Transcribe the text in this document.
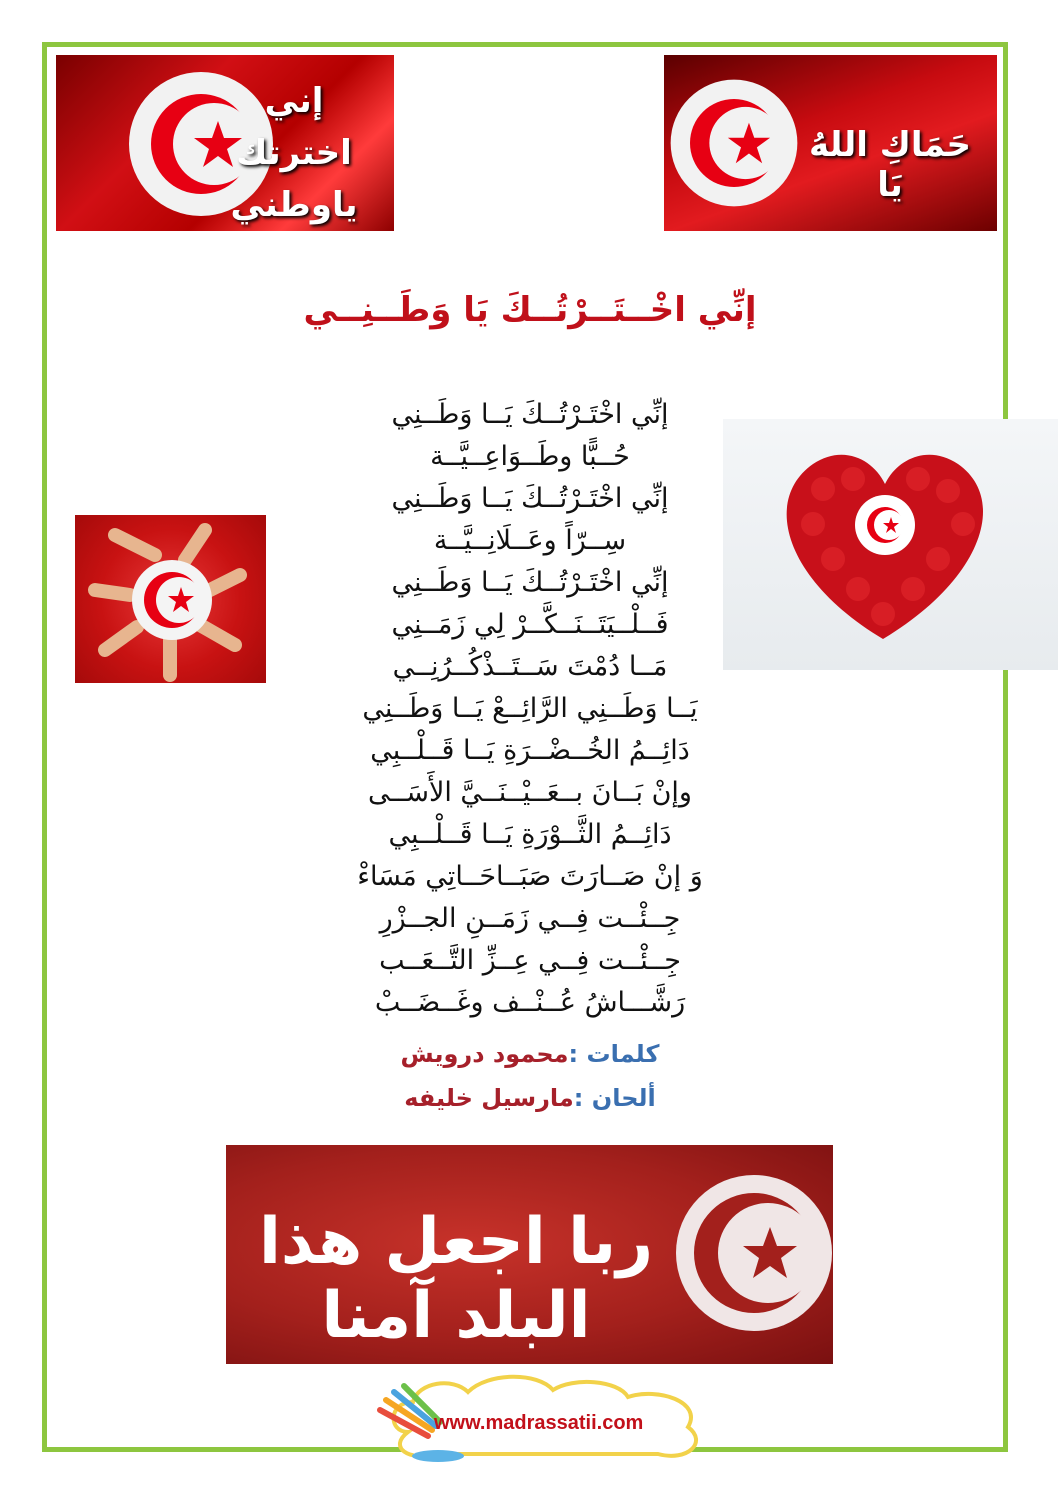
إني اخترتك
ياوطني
حَمَاكِ اللهُ يَا
إنِّي اخْــتَــرْتُــكَ يَا وَطَــنِــي
إنِّي اخْتَـرْتُــكَ يَــا وَطَــنِي
حُــبًّا وطَــوَاعِــيَّــة
إنِّي اخْتَـرْتُــكَ يَــا وَطَــنِي
سِــرّاً وعَــلَانِــيَّــة
إنِّي اخْتَـرْتُــكَ يَــا وَطَــنِي
فَــلْــيَتَــنَــكَّــرْ لِي زَمَــنِي
مَــا دُمْتَ سَــتَــذْكُــرُنِــي
يَــا وَطَــنِي الرَّائِــعْ يَــا وَطَــنِي
دَائِــمُ الخُــضْــرَةِ يَــا قَــلْــبِي
وإنْ بَــانَ بــعَــيْــنَــيَّ الأَسَــى
دَائِــمُ الثَّــوْرَةِ يَــا قَــلْــبِي
وَ إنْ صَــارَتَ صَبَــاحَــاتِي مَسَاءْ
جِــئْــت فِــي زَمَــنِ الجــزْرِ
جِــئْــت فِــي عِــزِّ التَّــعَــب
رَشَّـــاشُ عُــنْــف وغَــضَــبْ
كلمات :محمود درويش
ألحان :مارسيل خليفه
ربا اجعل هذا البلد آمنا
www.madrassatii.com
